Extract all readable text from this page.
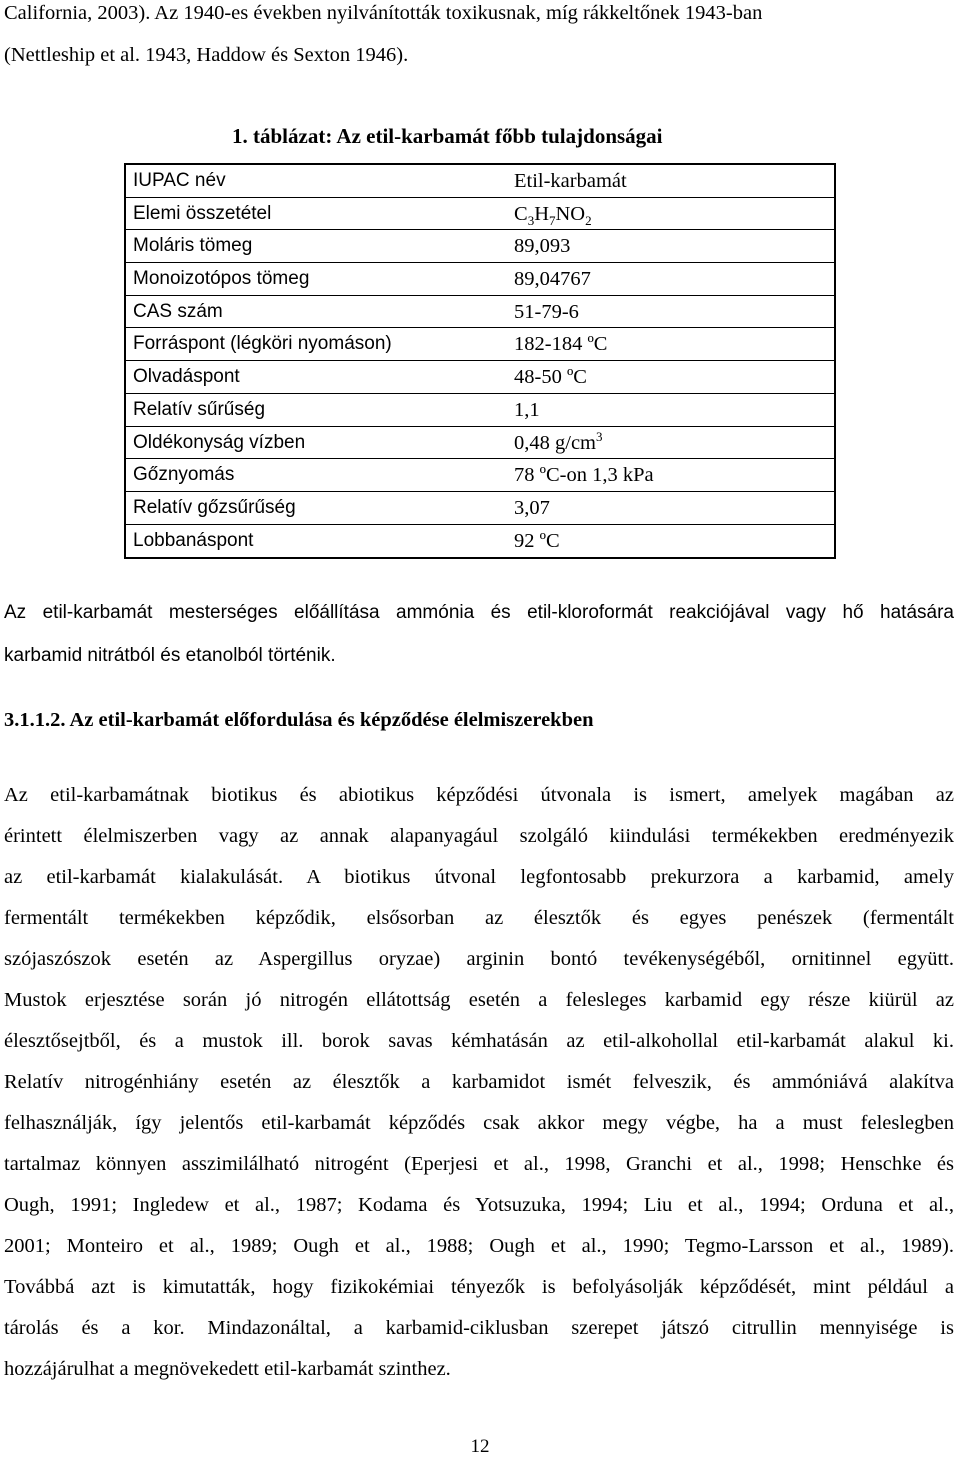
California, 2003). Az 1940-es években nyilvánították toxikusnak, míg rákkeltőnek 1943-ban
(Nettleship et al. 1943, Haddow és Sexton 1946).
1. táblázat: Az etil-karbamát főbb tulajdonságai
IUPAC név	Etil-karbamát
Elemi összetétel	$C_3H_7NO_2$
Moláris tömeg	89,093
Monoizotópos tömeg	89,04767
CAS szám	51-79-6
Forráspont (légköri nyomáson)	182-184 ºC
Olvadáspont	48-50 ºC
Relatív sűrűség	1,1
Oldékonyság vízben	0,48 $g/cm^3$
Gőznyomás	78 ºC-on 1,3 kPa
Relatív gőzsűrűség	3,07
Lobbanáspont	92 ºC
Az etil-karbamát mesterséges előállítása ammónia és etil-kloroformát reakciójával vagy hő hatására
karbamid nitrátból és etanolból történik.
3.1.1.2. Az etil-karbamát előfordulása és képződése élelmiszerekben
Az etil-karbamátnak biotikus és abiotikus képződési útvonala is ismert, amelyek magában az
érintett élelmiszerben vagy az annak alapanyagául szolgáló kiindulási termékekben eredményezik
az etil-karbamát kialakulását. A biotikus útvonal legfontosabb prekurzora a karbamid, amely
fermentált termékekben képződik, elsősorban az élesztők és egyes penészek (fermentált
szójaszószok esetén az Aspergillus oryzae) arginin bontó tevékenységéből, ornitinnel együtt.
Mustok erjesztése során jó nitrogén ellátottság esetén a felesleges karbamid egy része kiürül az
élesztősejtből, és a mustok ill. borok savas kémhatásán az etil-alkohollal etil-karbamát alakul ki.
Relatív nitrogénhiány esetén az élesztők a karbamidot ismét felveszik, és ammóniává alakítva
felhasználják, így jelentős etil-karbamát képződés csak akkor megy végbe, ha a must feleslegben
tartalmaz könnyen asszimilálható nitrogént (Eperjesi et al., 1998, Granchi et al., 1998; Henschke és
Ough, 1991; Ingledew et al., 1987; Kodama és Yotsuzuka, 1994; Liu et al., 1994; Orduna et al.,
2001; Monteiro et al., 1989; Ough et al., 1988; Ough et al., 1990; Tegmo-Larsson et al., 1989).
Továbbá azt is kimutatták, hogy fizikokémiai tényezők is befolyásolják képződését, mint például a
tárolás és a kor. Mindazonáltal, a karbamid-ciklusban szerepet játszó citrullin mennyisége is
hozzájárulhat a megnövekedett etil-karbamát szinthez.
12
